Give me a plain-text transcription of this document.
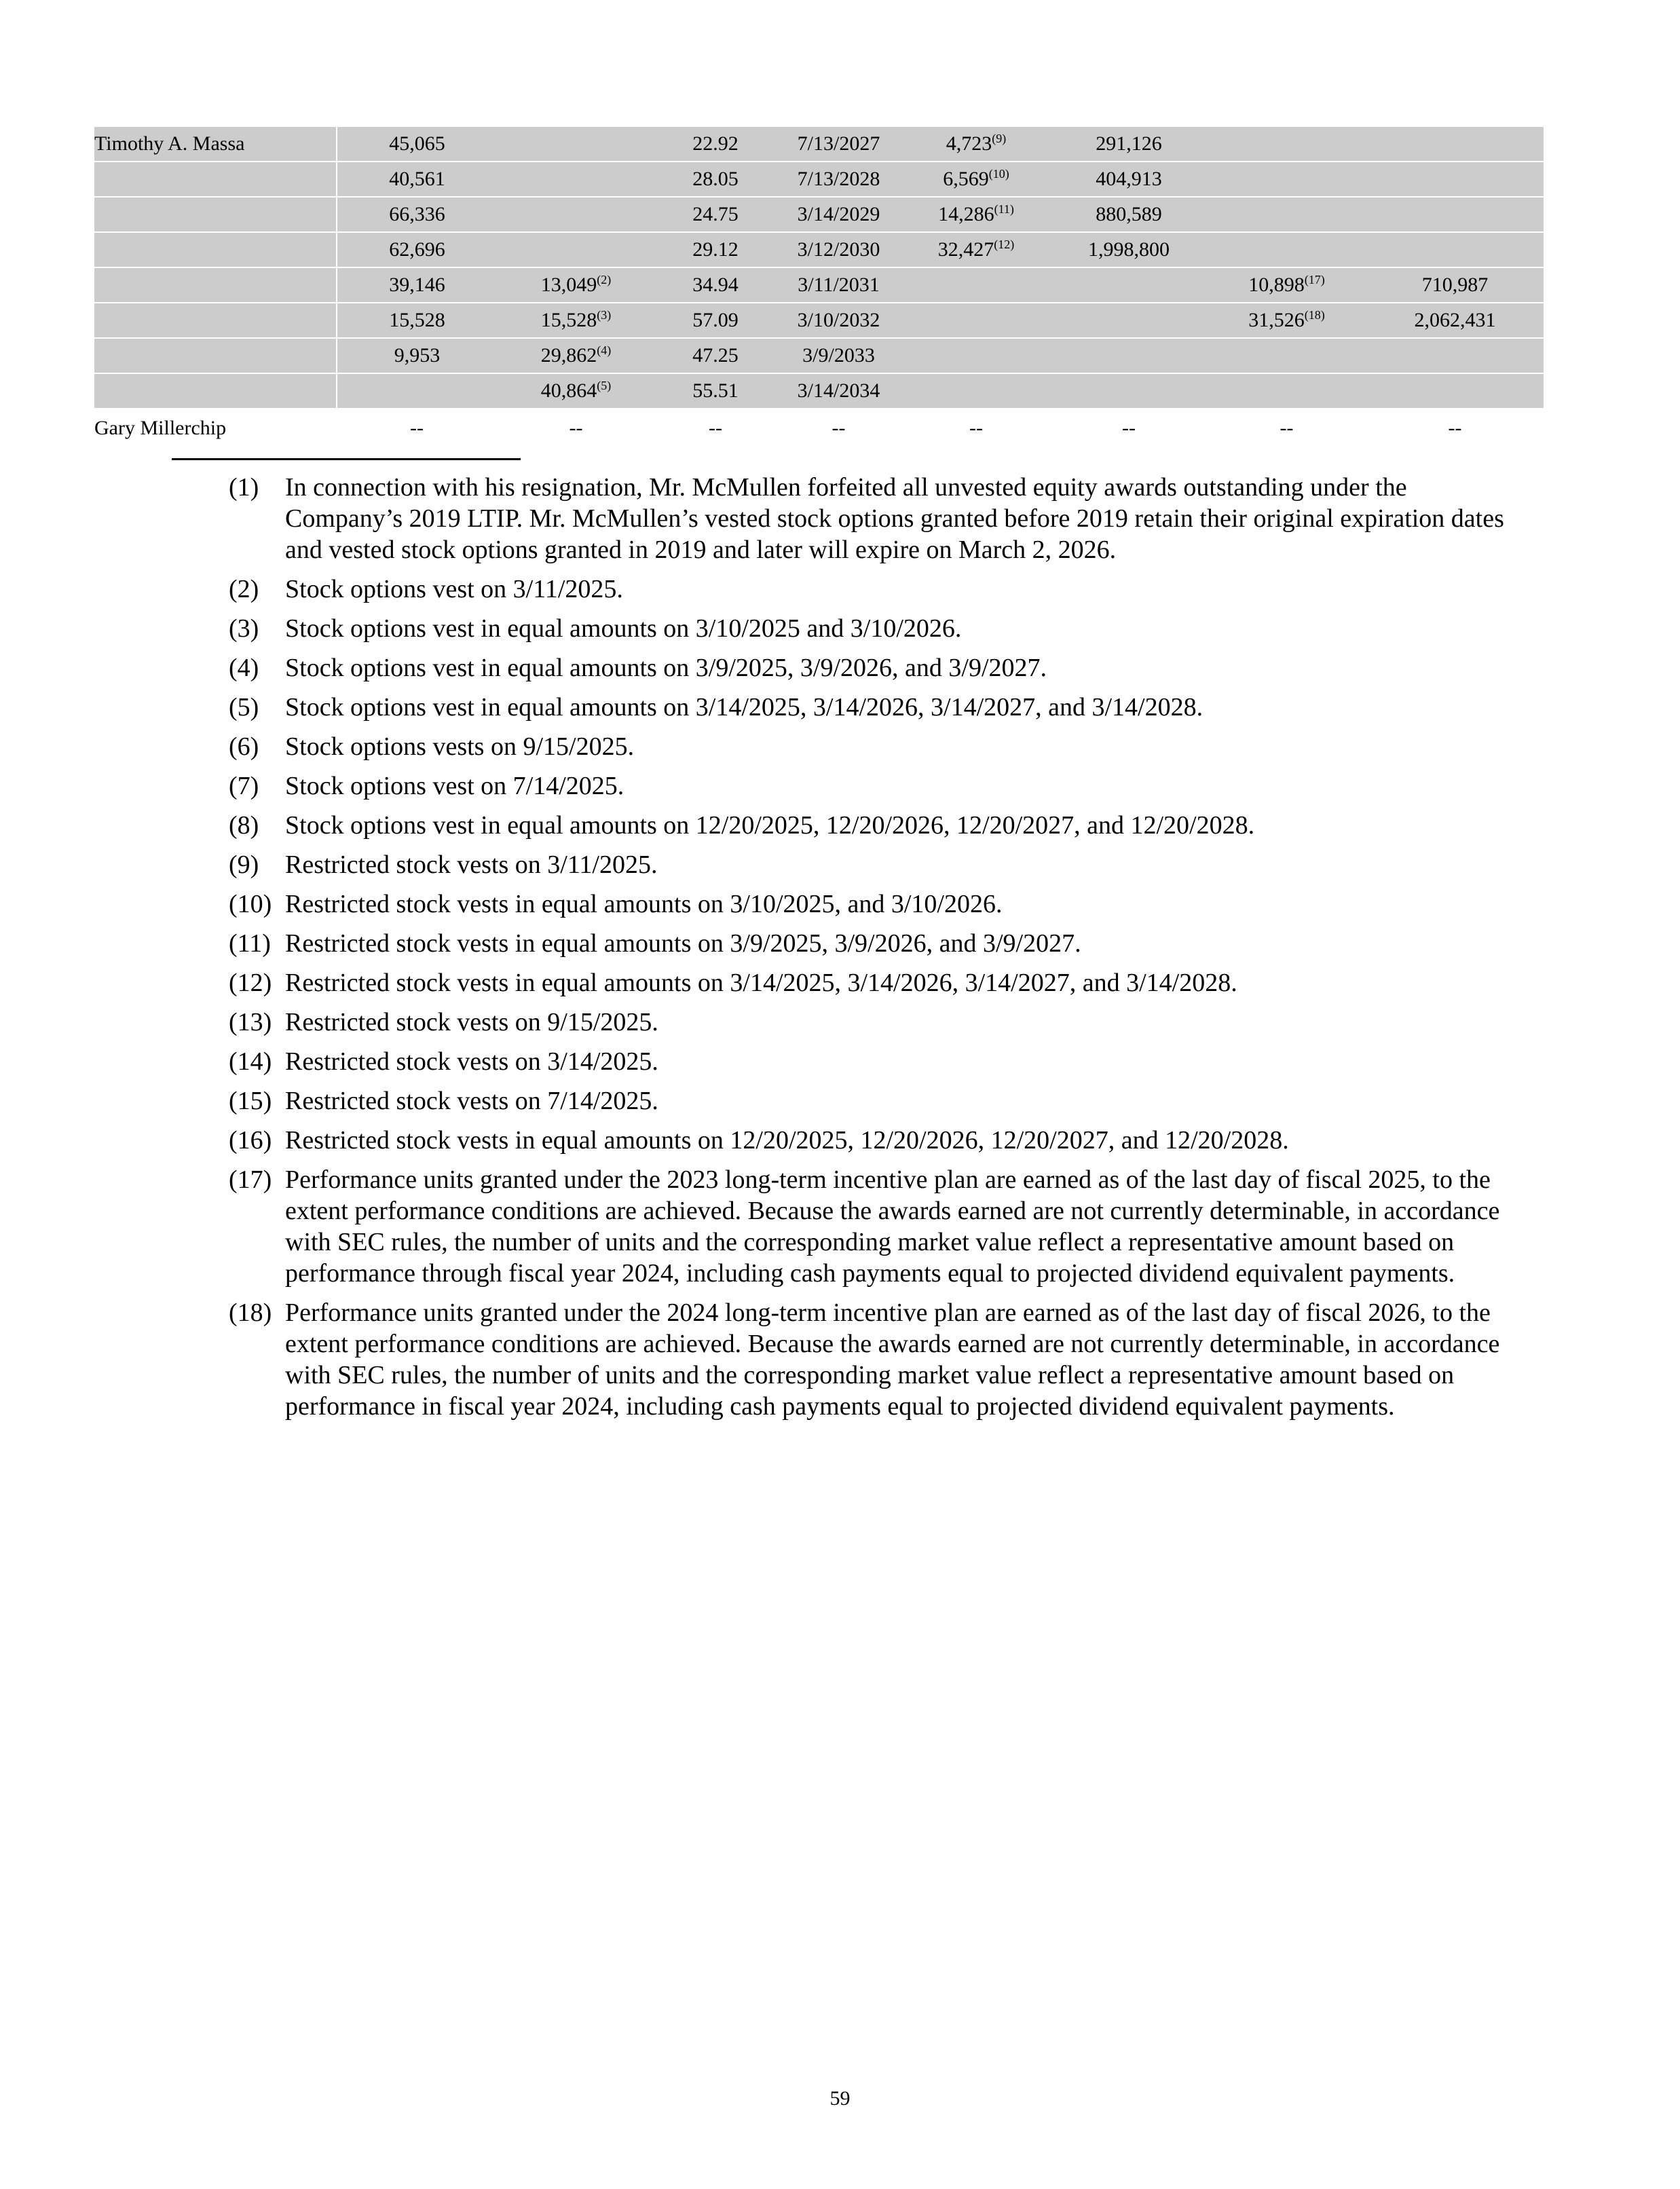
Timothy A. Massa	45,065		22.92	7/13/2027	4,723$^{(9)}$	291,126		
	40,561		28.05	7/13/2028	6,569$^{(10)}$	404,913		
	66,336		24.75	3/14/2029	14,286$^{(11)}$	880,589		
	62,696		29.12	3/12/2030	32,427$^{(12)}$	1,998,800		
	39,146	13,049$^{(2)}$	34.94	3/11/2031			10,898$^{(17)}$	710,987
	15,528	15,528$^{(3)}$	57.09	3/10/2032			31,526$^{(18)}$	2,062,431
	9,953	29,862$^{(4)}$	47.25	3/9/2033				
		40,864$^{(5)}$	55.51	3/14/2034				
Gary Millerchip	--	--	--	--	--	--	--	--
(1)	In connection with his resignation, Mr. McMullen forfeited all unvested equity awards outstanding under the Company’s 2019 LTIP. Mr. McMullen’s vested stock options granted before 2019 retain their original expiration dates and vested stock options granted in 2019 and later will expire on March 2, 2026.
(2)	Stock options vest on 3/11/2025.
(3)	Stock options vest in equal amounts on 3/10/2025 and 3/10/2026.
(4)	Stock options vest in equal amounts on 3/9/2025, 3/9/2026, and 3/9/2027.
(5)	Stock options vest in equal amounts on 3/14/2025, 3/14/2026, 3/14/2027, and 3/14/2028.
(6)	Stock options vests on 9/15/2025.
(7)	Stock options vest on 7/14/2025.
(8)	Stock options vest in equal amounts on 12/20/2025, 12/20/2026, 12/20/2027, and 12/20/2028.
(9)	Restricted stock vests on 3/11/2025.
(10) Restricted stock vests in equal amounts on 3/10/2025, and 3/10/2026.
(11) Restricted stock vests in equal amounts on 3/9/2025, 3/9/2026, and 3/9/2027.
(12) Restricted stock vests in equal amounts on 3/14/2025, 3/14/2026, 3/14/2027, and 3/14/2028.
(13) Restricted stock vests on 9/15/2025.
(14) Restricted stock vests on 3/14/2025.
(15) Restricted stock vests on 7/14/2025.
(16) Restricted stock vests in equal amounts on 12/20/2025, 12/20/2026, 12/20/2027, and 12/20/2028.
(17) Performance units granted under the 2023 long-term incentive plan are earned as of the last day of fiscal 2025, to the extent performance conditions are achieved. Because the awards earned are not currently determinable, in accordance with SEC rules, the number of units and the corresponding market value reflect a representative amount based on performance through fiscal year 2024, including cash payments equal to projected dividend equivalent payments.
(18) Performance units granted under the 2024 long-term incentive plan are earned as of the last day of fiscal 2026, to the extent performance conditions are achieved. Because the awards earned are not currently determinable, in accordance with SEC rules, the number of units and the corresponding market value reflect a representative amount based on performance in fiscal year 2024, including cash payments equal to projected dividend equivalent payments.
59
